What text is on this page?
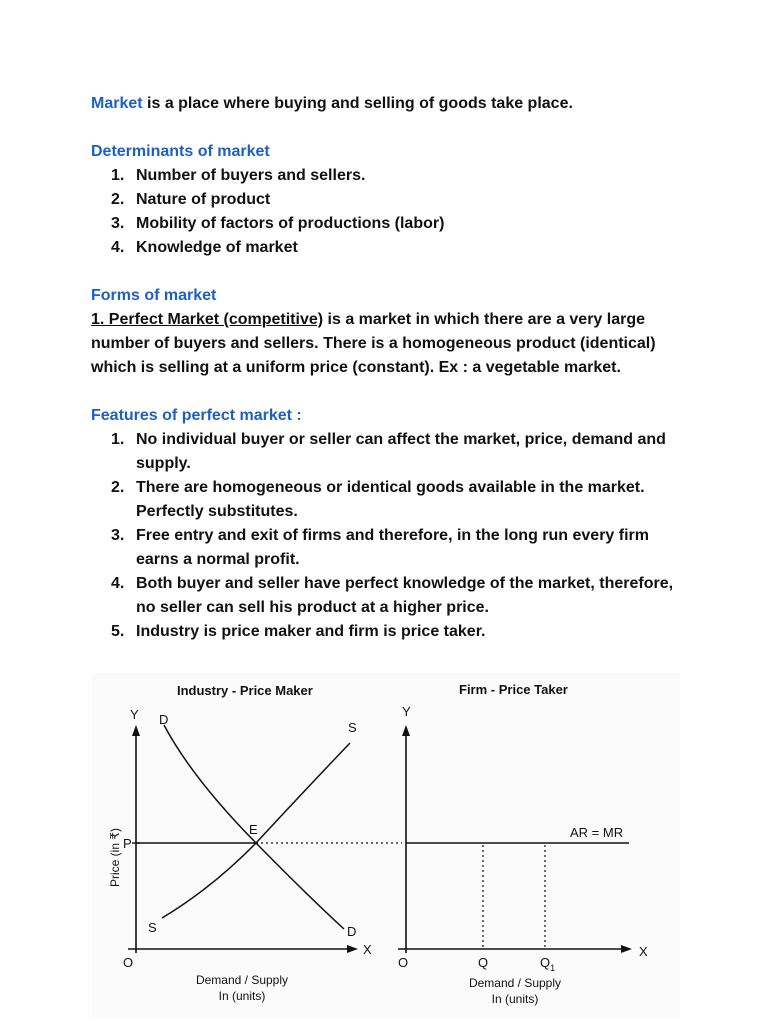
Market is a place where buying and selling of goods take place.
Determinants of market
1. Number of buyers and sellers.
2. Nature of product
3. Mobility of factors of productions (labor)
4. Knowledge of market
Forms of market
1. Perfect Market (competitive) is a market in which there are a very large number of buyers and sellers. There is a homogeneous product (identical) which is selling at a uniform price (constant). Ex : a vegetable market.
Features of perfect market :
1. No individual buyer or seller can affect the market, price, demand and supply.
2. There are homogeneous or identical goods available in the market. Perfectly substitutes.
3. Free entry and exit of firms and therefore, in the long run every firm earns a normal profit.
4. Both buyer and seller have perfect knowledge of the market, therefore, no seller can sell his product at a higher price.
5. Industry is price maker and firm is price taker.
Industry - Price Maker	Firm - Price Taker
Y
X
O
Price (in ₹) P
D
D
S
S
E
Demand / Supply
In (units)
Y
X
O
AR = MR
Q	$Q_1$
Demand / Supply
In (units)
